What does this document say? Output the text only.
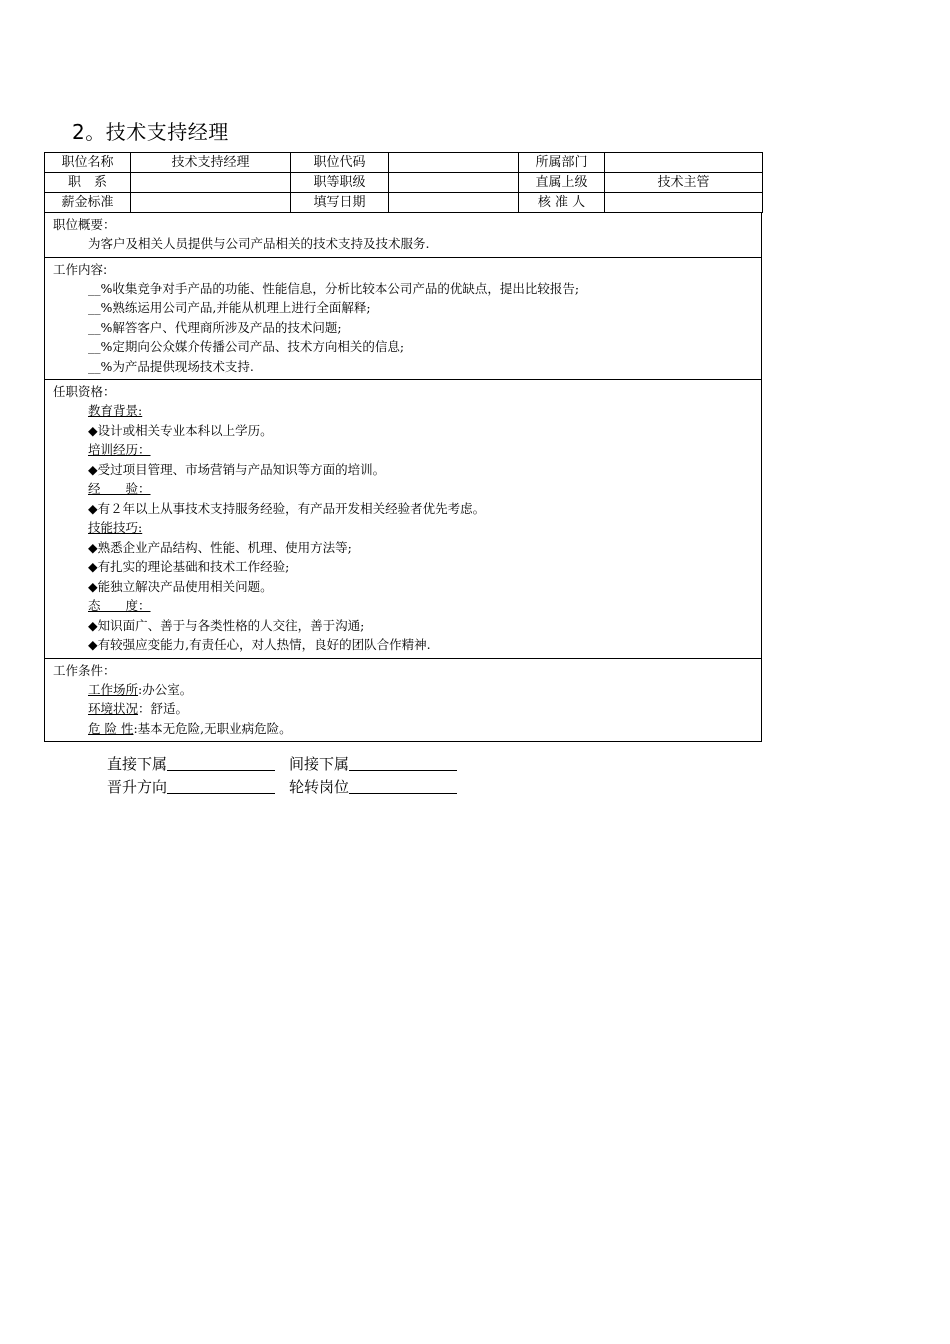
2。技术支持经理
职位名称	技术支持经理	职位代码		所属部门	
职　系		职等职级		直属上级	技术主管
薪金标准		填写日期		核 准 人	
职位概要：
为客户及相关人员提供与公司产品相关的技术支持及技术服务.
工作内容:
__%收集竞争对手产品的功能、性能信息，分析比较本公司产品的优缺点，提出比较报告;
__%熟练运用公司产品,并能从机理上进行全面解释;
__%解答客户、代理商所涉及产品的技术问题;
__%定期向公众媒介传播公司产品、技术方向相关的信息;
__%为产品提供现场技术支持.
任职资格：
教育背景:
◆设计或相关专业本科以上学历。
培训经历：
◆受过项目管理、市场营销与产品知识等方面的培训。
经　　验：
◆有２年以上从事技术支持服务经验，有产品开发相关经验者优先考虑。
技能技巧:
◆熟悉企业产品结构、性能、机理、使用方法等;
◆有扎实的理论基础和技术工作经验;
◆能独立解决产品使用相关问题。
态　　度：
◆知识面广、善于与各类性格的人交往，善于沟通;
◆有较强应变能力,有责任心，对人热情，良好的团队合作精神.
工作条件：
工作场所:办公室。
环境状况：舒适。
危 险 性:基本无危险,无职业病危险。
直接下属	间接下属
晋升方向	轮转岗位
